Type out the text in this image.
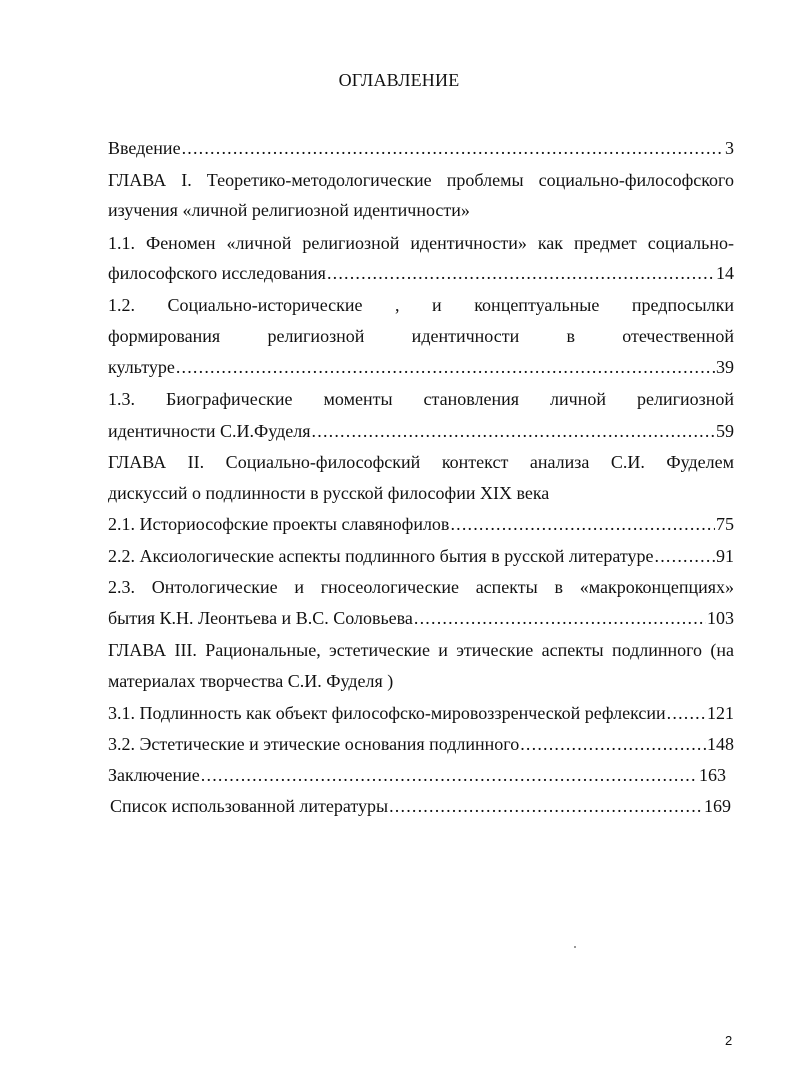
ОГЛАВЛЕНИЕ
Введение .....	3
ГЛАВА I. Теоретико-методологические проблемы социально-философского
изучения «личной религиозной идентичности»
1.1. Феномен «личной религиозной идентичности» как предмет социально-
философского исследования .....	14
1.2. Социально-исторические , и концептуальные предпосылки
формирования религиозной идентичности в отечественной
культуре .....	39
1.3. Биографические моменты становления личной религиозной
идентичности С.И.Фуделя .....	59
ГЛАВА II. Социально-философский контекст анализа С.И. Фуделем
дискуссий о подлинности в русской философии XIX века
2.1. Историософские проекты славянофилов .....	75
2.2. Аксиологические аспекты подлинного бытия в русской литературе .....	91
2.3. Онтологические и гносеологические аспекты в «макроконцепциях»
бытия К.Н. Леонтьева и В.С. Соловьева .....	103
ГЛАВА III. Рациональные, эстетические и этические аспекты подлинного (на
материалах творчества С.И. Фуделя )
3.1. Подлинность как объект философско-мировоззренческой рефлексии ..... 121
3.2. Эстетические и этические основания подлинного .....	148
Заключение .....	163
Список использованной литературы .....	169
2
